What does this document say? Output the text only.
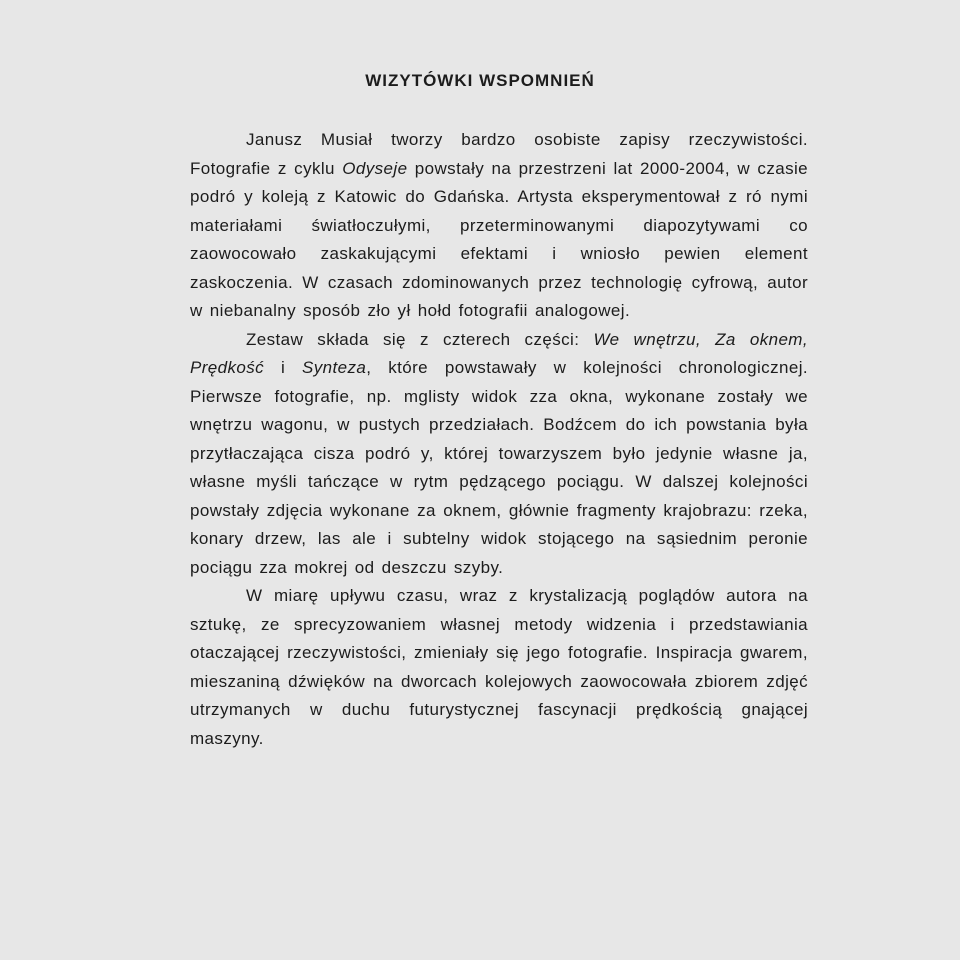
WIZYTÓWKI WSPOMNIEŃ

Janusz Musiał tworzy bardzo osobiste zapisy rzeczywistości. Fotografie z cyklu Odyseje powstały na przestrzeni lat 2000-2004, w czasie podró y koleją z Katowic do Gdańska. Artysta eksperymentował z ró nymi materiałami światłoczułymi, przeterminowanymi diapozytywami co zaowocowało zaskakującymi efektami i wniosło pewien element zaskoczenia. W czasach zdominowanych przez technologię cyfrową, autor w niebanalny sposób zło ył hołd fotografii analogowej.

Zestaw składa się z czterech części: We wnętrzu, Za oknem, Prędkość i Synteza, które powstawały w kolejności chronologicznej. Pierwsze fotografie, np. mglisty widok zza okna, wykonane zostały we wnętrzu wagonu, w pustych przedziałach. Bodźcem do ich powstania była przytłaczająca cisza podró y, której towarzyszem było jedynie własne ja, własne myśli tańczące w rytm pędzącego pociągu. W dalszej kolejności powstały zdjęcia wykonane za oknem, głównie fragmenty krajobrazu: rzeka, konary drzew, las ale i subtelny widok stojącego na sąsiednim peronie pociągu zza mokrej od deszczu szyby.

W miarę upływu czasu, wraz z krystalizacją poglądów autora na sztukę, ze sprecyzowaniem własnej metody widzenia i przedstawiania otaczającej rzeczywistości, zmieniały się jego fotografie. Inspiracja gwarem, mieszaniną dźwięków na dworcach kolejowych zaowocowała zbiorem zdjęć utrzymanych w duchu futurystycznej fascynacji prędkością gnającej maszyny.
